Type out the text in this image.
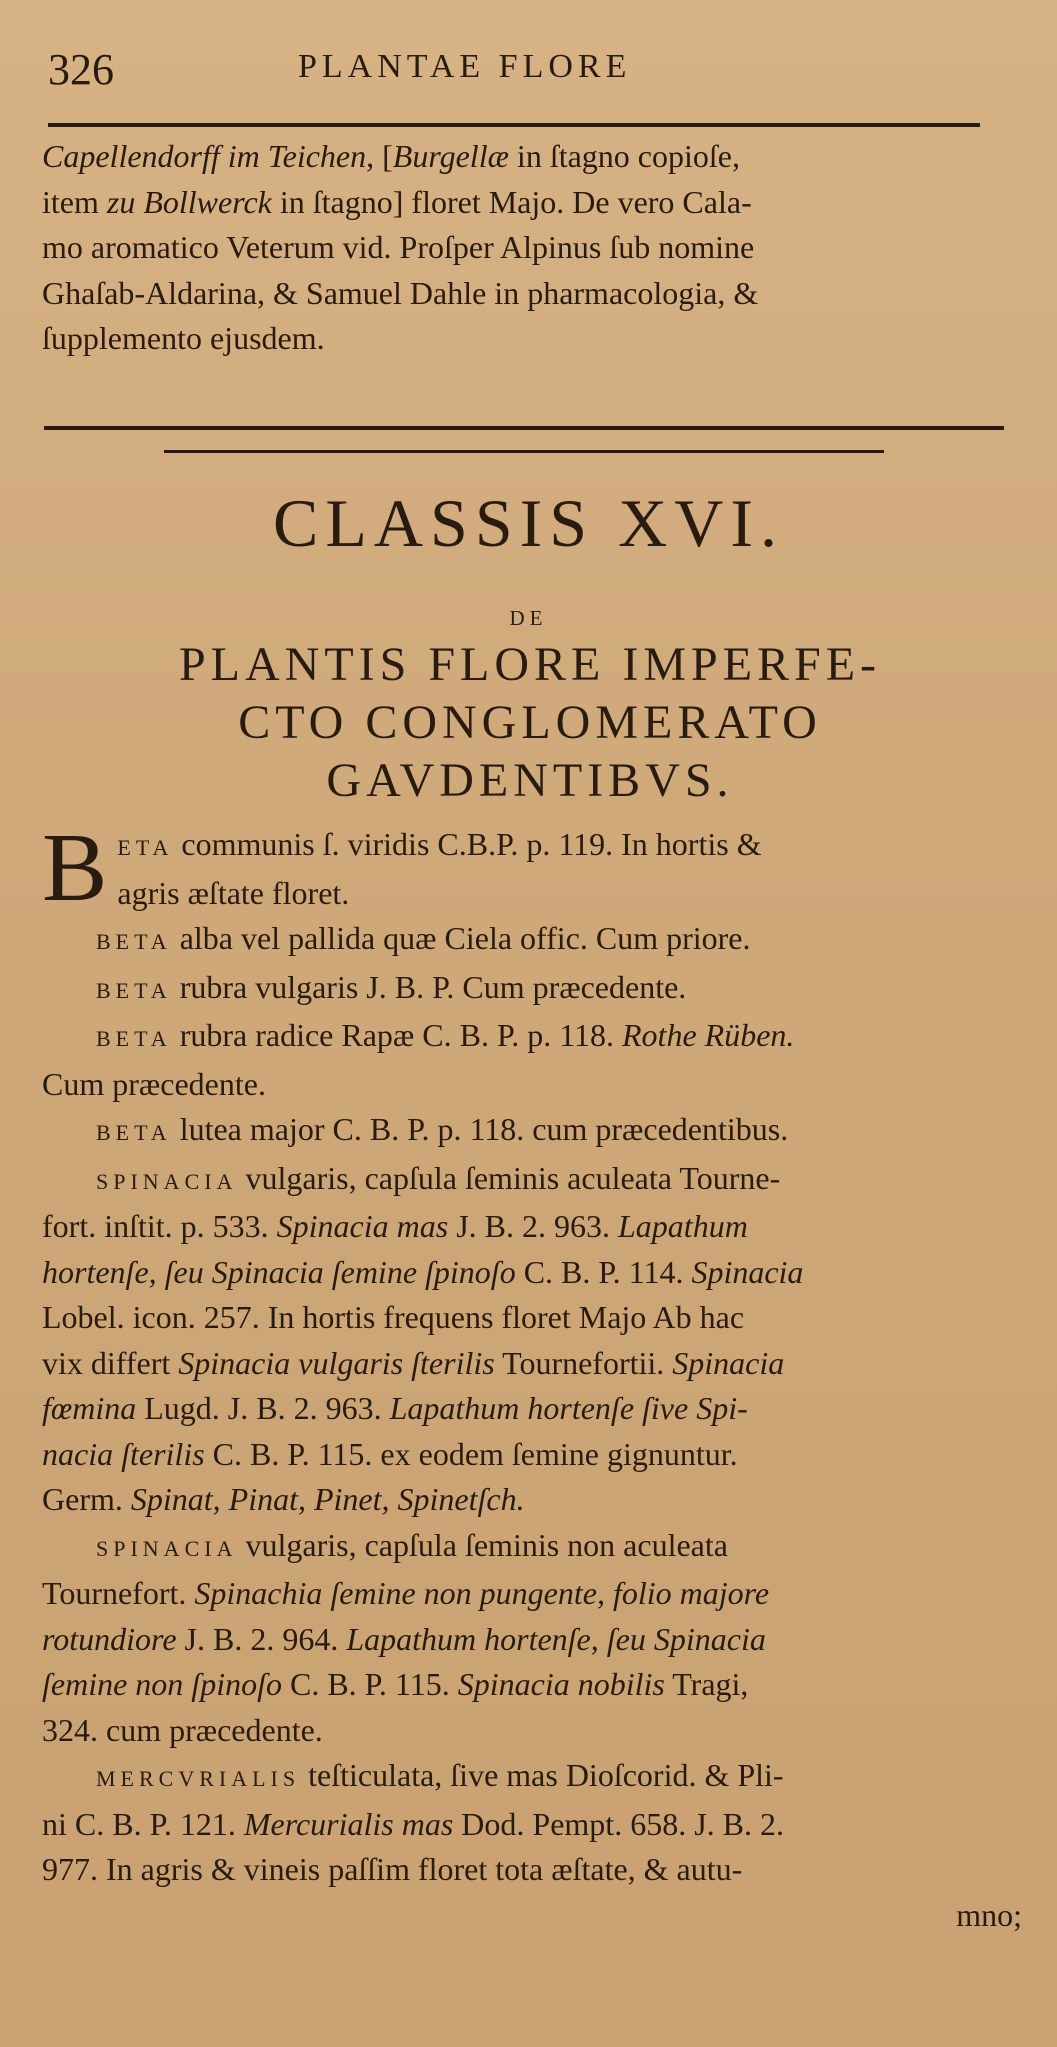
326	PLANTAE FLORE

Capellendorff im Teichen, [Burgellæ in ſtagno copioſe,

item zu Bollwerck in ſtagno] floret Majo. De vero Cala-

mo aromatico Veterum vid. Proſper Alpinus ſub nomine

Ghaſab-Aldarina, & Samuel Dahle in pharmacologia, &

ſupplemento ejusdem.

CLASSIS XVI.
DE
PLANTIS FLORE IMPERFE-
CTO CONGLOMERATO
GAVDENTIBVS.
B ETA communis ſ. viridis C.B.P. p. 119. In hortis &

agris æſtate floret.

BETA alba vel pallida quæ Ciela offic. Cum priore.

BETA rubra vulgaris J. B. P. Cum præcedente.

BETA rubra radice Rapæ C. B. P. p. 118. Rothe Rüben.

Cum præcedente.

BETA lutea major C. B. P. p. 118. cum præcedentibus.

SPINACIA vulgaris, capſula ſeminis aculeata Tourne-

fort. inſtit. p. 533. Spinacia mas J. B. 2. 963. Lapathum

hortenſe, ſeu Spinacia ſemine ſpinoſo C. B. P. 114. Spinacia

Lobel. icon. 257. In hortis frequens floret Majo Ab hac

vix differt Spinacia vulgaris ſterilis Tournefortii. Spinacia

fœmina Lugd. J. B. 2. 963. Lapathum hortenſe ſive Spi-

nacia ſterilis C. B. P. 115. ex eodem ſemine gignuntur.

Germ. Spinat, Pinat, Pinet, Spinetſch.

SPINACIA vulgaris, capſula ſeminis non aculeata

Tournefort. Spinachia ſemine non pungente, folio majore

rotundiore J. B. 2. 964. Lapathum hortenſe, ſeu Spinacia

ſemine non ſpinoſo C. B. P. 115. Spinacia nobilis Tragi,

324. cum præcedente.

MERCVRIALIS teſticulata, ſive mas Dioſcorid. & Pli-

ni C. B. P. 121. Mercurialis mas Dod. Pempt. 658. J. B. 2.

977. In agris & vineis paſſim floret tota æſtate, & autu-

mno;
